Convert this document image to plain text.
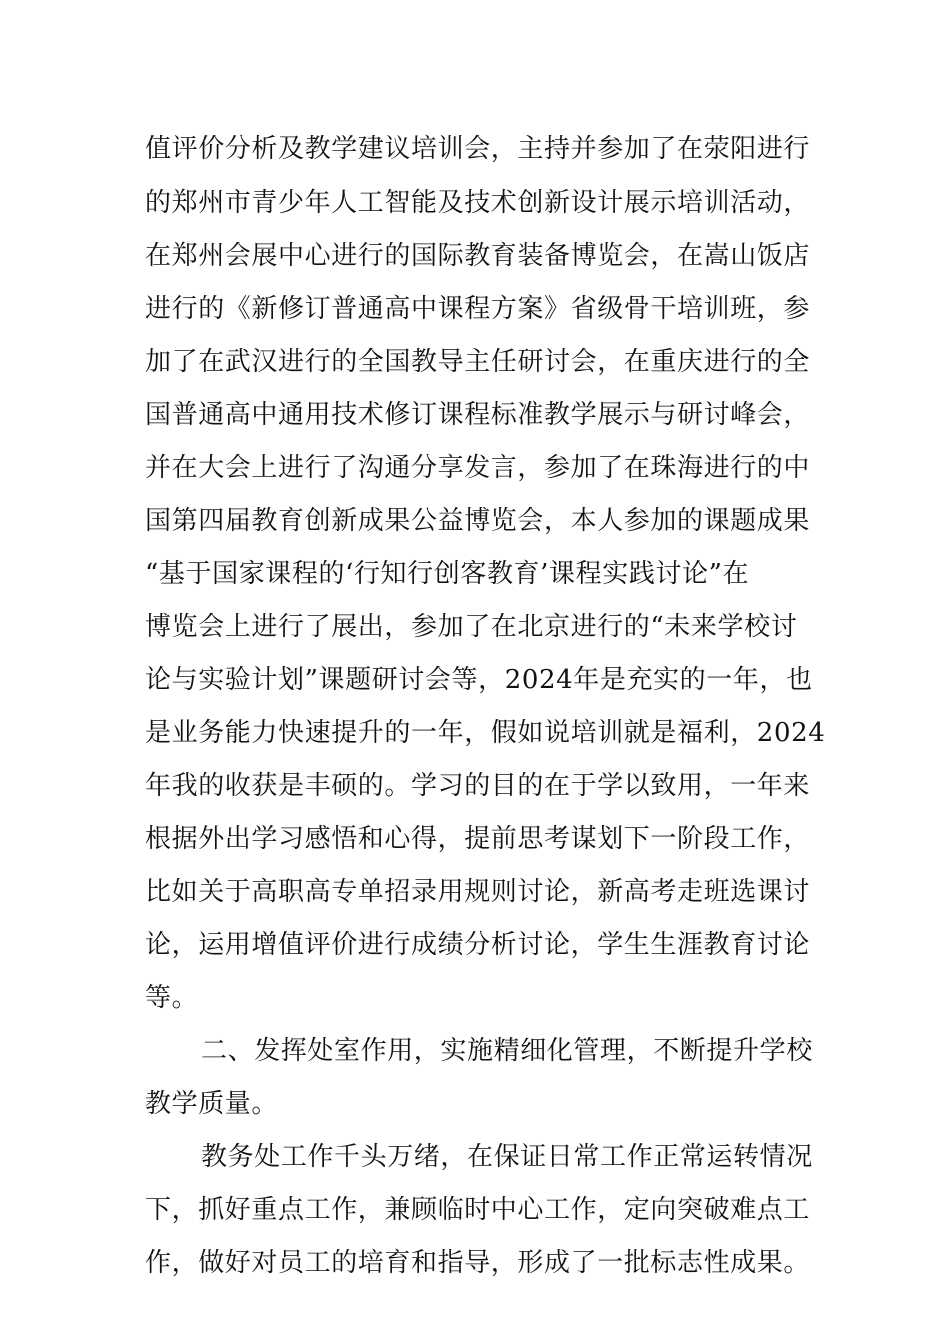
值评价分析及教学建议培训会，主持并参加了在荥阳进行
的郑州市青少年人工智能及技术创新设计展示培训活动，
在郑州会展中心进行的国际教育装备博览会，在嵩山饭店
进行的《新修订普通高中课程方案》省级骨干培训班，参
加了在武汉进行的全国教导主任研讨会，在重庆进行的全
国普通高中通用技术修订课程标准教学展示与研讨峰会，
并在大会上进行了沟通分享发言，参加了在珠海进行的中
国第四届教育创新成果公益博览会，本人参加的课题成果
“基于国家课程的‘行知行创客教育’课程实践讨论”在
博览会上进行了展出，参加了在北京进行的“未来学校讨
论与实验计划”课题研讨会等，2024年是充实的一年，也
是业务能力快速提升的一年，假如说培训就是福利，2024
年我的收获是丰硕的。学习的目的在于学以致用，一年来
根据外出学习感悟和心得，提前思考谋划下一阶段工作，
比如关于高职高专单招录用规则讨论，新高考走班选课讨
论，运用增值评价进行成绩分析讨论，学生生涯教育讨论
等。
二、发挥处室作用，实施精细化管理，不断提升学校
教学质量。
教务处工作千头万绪，在保证日常工作正常运转情况
下，抓好重点工作，兼顾临时中心工作，定向突破难点工
作，做好对员工的培育和指导，形成了一批标志性成果。
